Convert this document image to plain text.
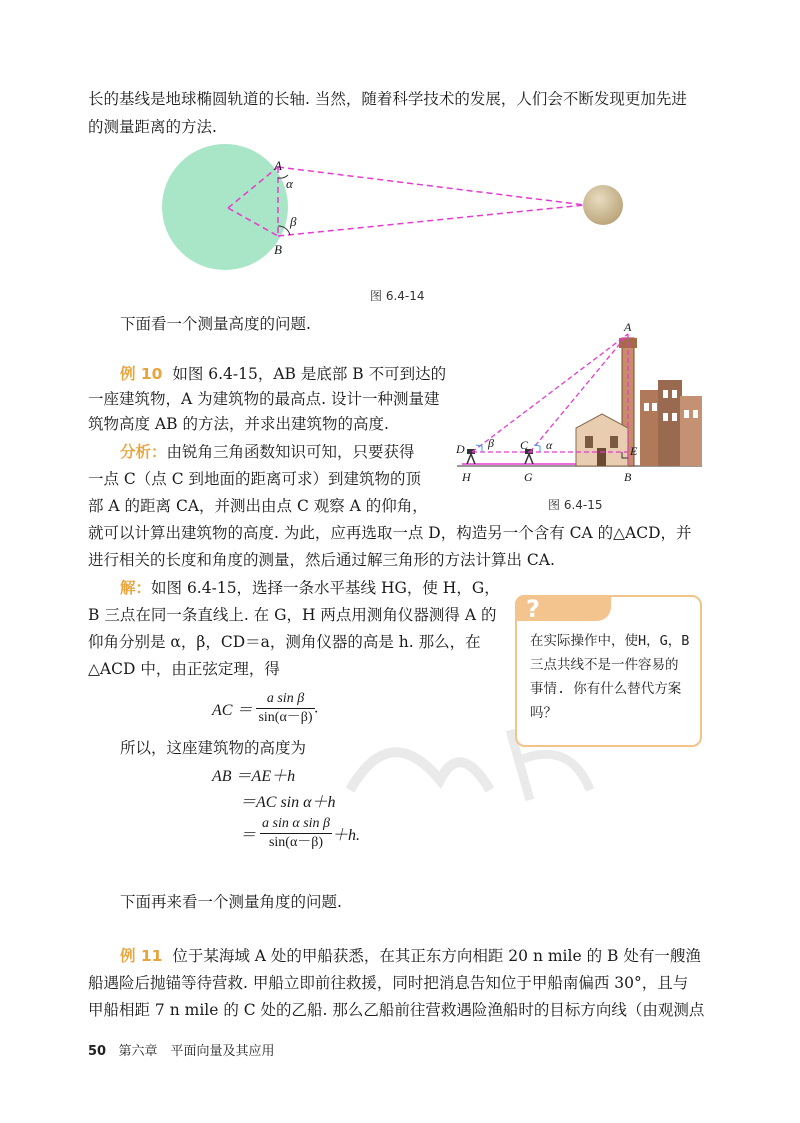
长的基线是地球椭圆轨道的长轴. 当然，随着科学技术的发展，人们会不断发现更加先进
的测量距离的方法.
A
α
β
B
图 6.4-14
下面看一个测量高度的问题.
例 10 如图 6.4-15，AB 是底部 B 不可到达的
一座建筑物，A 为建筑物的最高点. 设计一种测量建
筑物高度 AB 的方法，并求出建筑物的高度.
分析：由锐角三角函数知识可知，只要获得
一点 C（点 C 到地面的距离可求）到建筑物的顶
部 A 的距离 CA，并测出由点 C 观察 A 的仰角，
就可以计算出建筑物的高度. 为此，应再选取一点 D，构造另一个含有 CA 的△ACD，并
进行相关的长度和角度的测量，然后通过解三角形的方法计算出 CA.
A
D β C α	E
H	G	B
图 6.4-15
解：如图 6.4-15，选择一条水平基线 HG，使 H，G，
B 三点在同一条直线上. 在 G，H 两点用测角仪器测得 A 的
仰角分别是 α，β，CD＝a，测角仪器的高是 h. 那么，在
△ACD 中，由正弦定理，得
AC ＝ $\frac{\text{a sin β}}{\sin(\alpha-\beta)}$ .
所以，这座建筑物的高度为
AB ＝AE＋h
＝AC sin α＋h
＝ $\frac{\text{a sin α sin β}}{\sin(\alpha-\beta)} +h$.
?
在实际操作中，使H，G，B 三点共线不是一件容易的事情. 你有什么替代方案吗？
下面再来看一个测量角度的问题.
例 11 位于某海域 A 处的甲船获悉，在其正东方向相距 20 n mile 的 B 处有一艘渔
船遇险后抛锚等待营救. 甲船立即前往救援，同时把消息告知位于甲船南偏西 30°，且与
甲船相距 7 n mile 的 C 处的乙船. 那么乙船前往营救遇险渔船时的目标方向线（由观测点
50 第六章　平面向量及其应用
